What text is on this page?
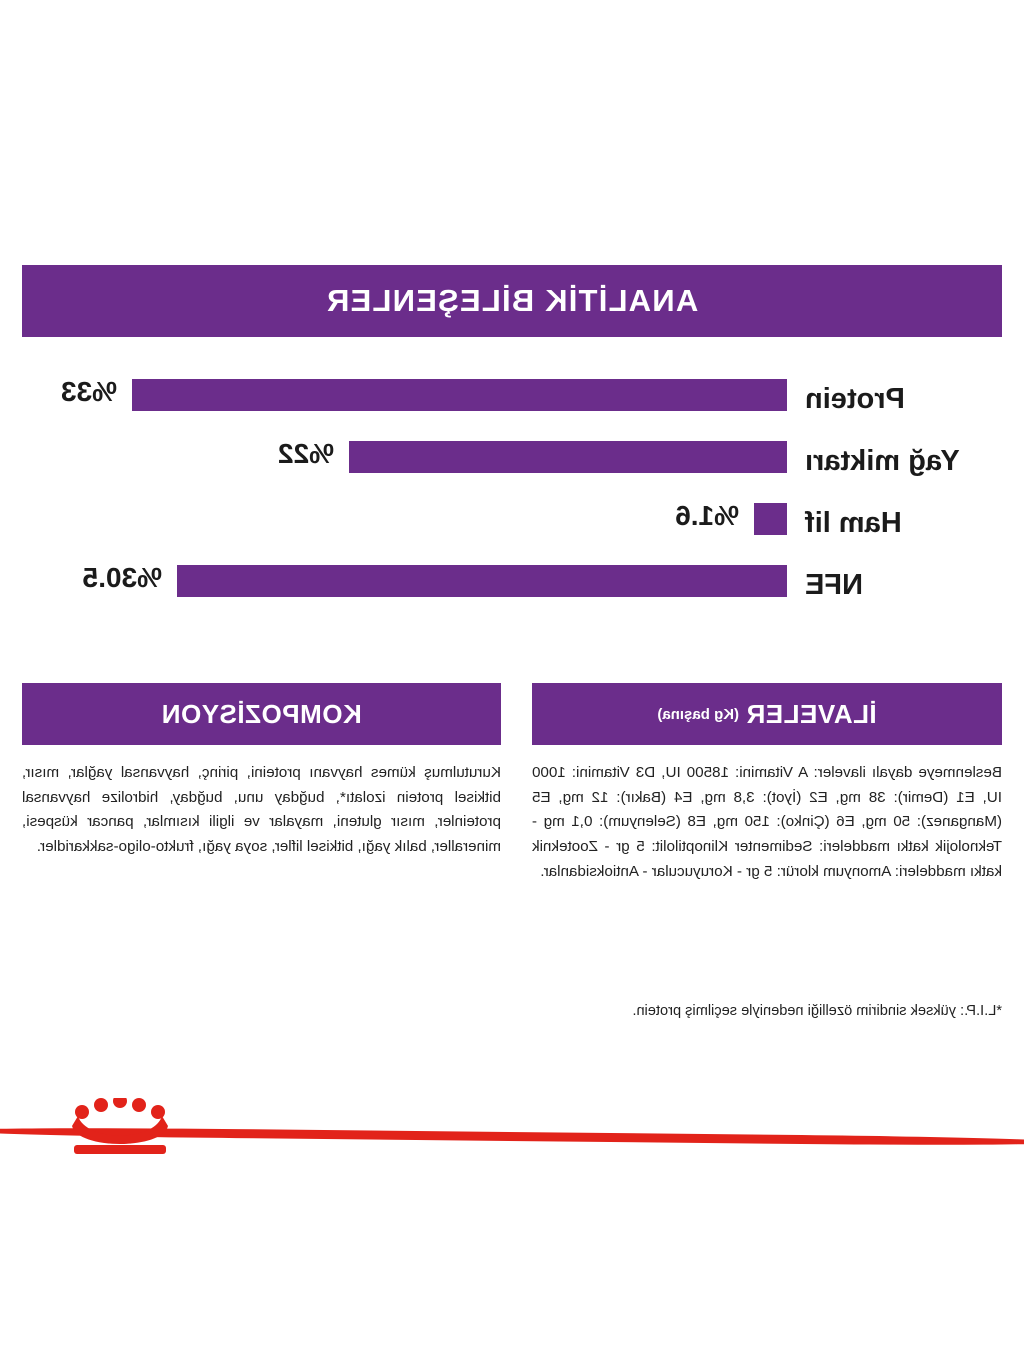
ANALİTİK BİLEŞENLER
Protein
%33
Yağ miktarı
%22
Ham lif
%1.6
NFE
%30.5
İLAVELER
(Kg başına)
Beslenmeye dayalı ilaveler: A Vitamini: 18500 IU, D3 Vitamini: 1000 IU, E1 (Demir): 38 mg, E2 (İyot): 3,8 mg, E4 (Bakır): 12 mg, E5 (Manganez): 50 mg, E6 (Çinko): 150 mg, E8 (Selenyum): 0,1 mg - Teknolojik katkı maddeleri: Sedimenter Klinoptilolit: 5 gr - Zooteknik katkı maddeleri: Amonyum klorür: 5 gr - Koruyucular - Antioksidanlar.
KOMPOZİSYON
Kurutulmuş kümes hayvanı proteini, pirinç, hayvansal yağlar, mısır, bitkisel protein izolatı*, buğday unu, buğday, hidrolize hayvansal proteinler, mısır gluteni, mayalar ve ilgili kısımlar, pancar küspesi, mineraller, balık yağı, bitkisel lifler, soya yağı, frukto-oligo-sakkaridler.
*L.I.P.: yüksek sindirim özelliği nedeniyle seçilmiş protein.
